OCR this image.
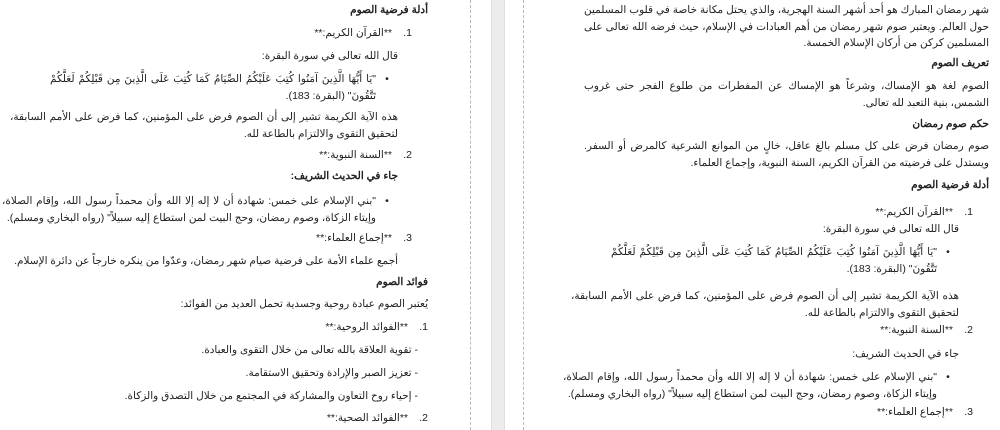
أدلة فرضية الصوم
1.
**القرآن الكريم:**
قال الله تعالى في سورة البقرة:
•
"يَا أَيُّهَا الَّذِينَ آمَنُوا كُتِبَ عَلَيْكُمُ الصِّيَامُ كَمَا كُتِبَ عَلَى الَّذِينَ مِن قَبْلِكُمْ لَعَلَّكُمْ تَتَّقُونَ" (البقرة: 183).
هذه الآية الكريمة تشير إلى أن الصوم فرض على المؤمنين، كما فرض على الأمم السابقة، لتحقيق التقوى والالتزام بالطاعة لله.
2.
**السنة النبوية:**
جاء في الحديث الشريف:
•
"بني الإسلام على خمس: شهادة أن لا إله إلا الله وأن محمداً رسول الله، وإقام الصلاة، وإيتاء الزكاة، وصوم رمضان، وحج البيت لمن استطاع إليه سبيلاً" (رواه البخاري ومسلم).
3.
**إجماع العلماء:**
أجمع علماء الأمة على فرضية صيام شهر رمضان، وعدّوا من ينكره خارجاً عن دائرة الإسلام.
فوائد الصوم
يُعتبر الصوم عبادة روحية وجسدية تحمل العديد من الفوائد:
1.
**الفوائد الروحية:**
- تقوية العلاقة بالله تعالى من خلال التقوى والعبادة.
- تعزيز الصبر والإرادة وتحقيق الاستقامة.
- إحياء روح التعاون والمشاركة في المجتمع من خلال التصدق والزكاة.
2.
**الفوائد الصحية:**
شهر رمضان المبارك هو أحد أشهر السنة الهجرية، والذي يحتل مكانة خاصة في قلوب المسلمين حول العالم. ويعتبر صوم شهر رمضان من أهم العبادات في الإسلام، حيث فرضه الله تعالى على المسلمين كركن من أركان الإسلام الخمسة.
تعريف الصوم
الصوم لغة هو الإمساك، وشرعاً هو الإمساك عن المفطرات من طلوع الفجر حتى غروب الشمس، بنية التعبد لله تعالى.
حكم صوم رمضان
صوم رمضان فرض على كل مسلم بالغ عاقل، خالٍ من الموانع الشرعية كالمرض أو السفر. ويستدل على فرضيته من القرآن الكريم، السنة النبوية، وإجماع العلماء.
أدلة فرضية الصوم
1.
**القرآن الكريم:**
قال الله تعالى في سورة البقرة:
•
"يَا أَيُّهَا الَّذِينَ آمَنُوا كُتِبَ عَلَيْكُمُ الصِّيَامُ كَمَا كُتِبَ عَلَى الَّذِينَ مِن قَبْلِكُمْ لَعَلَّكُمْ تَتَّقُونَ" (البقرة: 183).
هذه الآية الكريمة تشير إلى أن الصوم فرض على المؤمنين، كما فرض على الأمم السابقة، لتحقيق التقوى والالتزام بالطاعة لله.
2.
**السنة النبوية:**
جاء في الحديث الشريف:
•
"بني الإسلام على خمس: شهادة أن لا إله إلا الله وأن محمداً رسول الله، وإقام الصلاة، وإيتاء الزكاة، وصوم رمضان، وحج البيت لمن استطاع إليه سبيلاً" (رواه البخاري ومسلم).
3.
**إجماع العلماء:**
